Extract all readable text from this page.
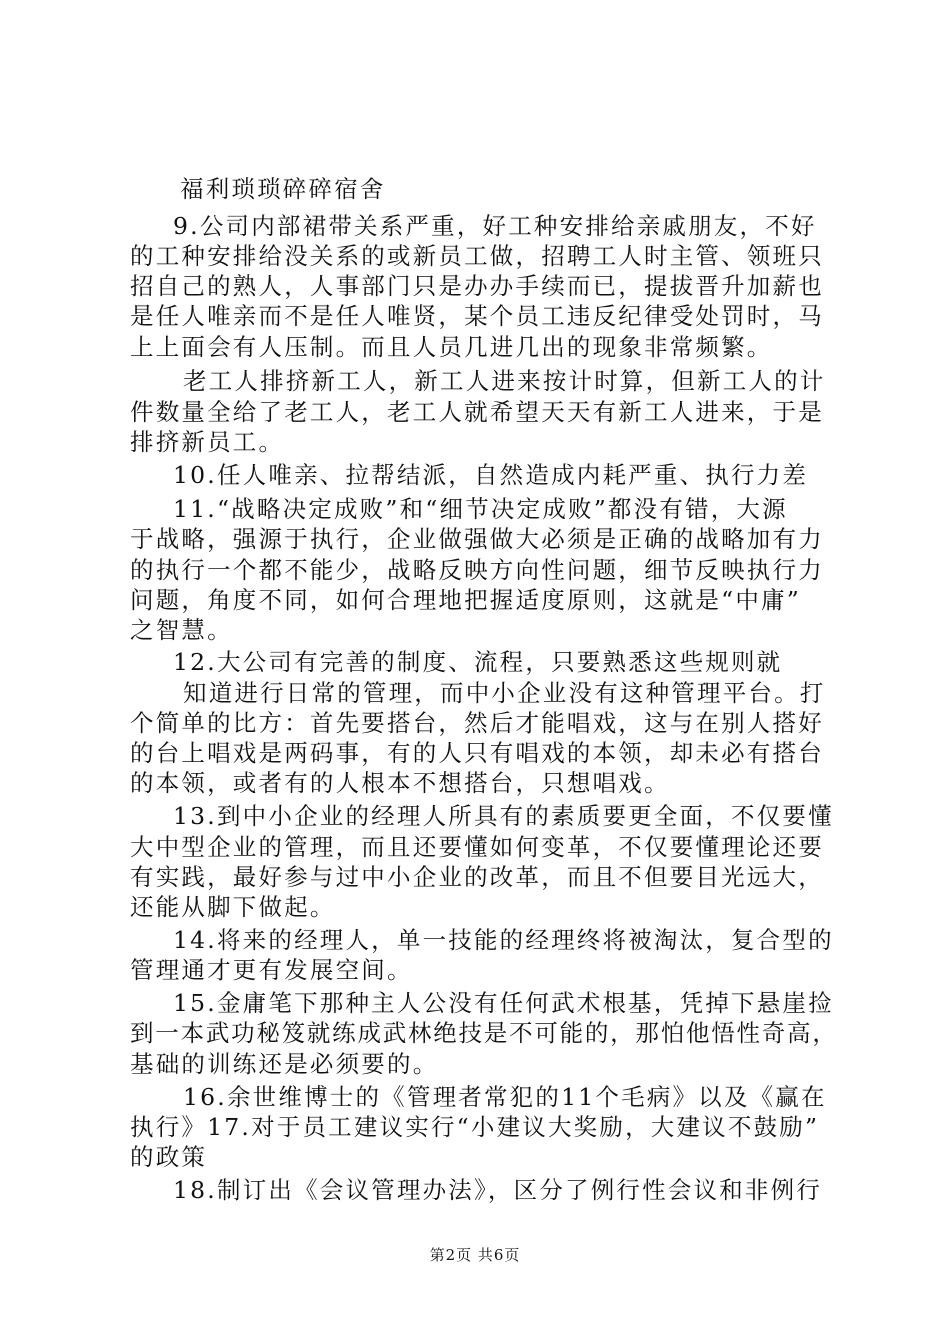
福利琐琐碎碎宿舍
9.公司内部裙带关系严重，好工种安排给亲戚朋友，不好
的工种安排给没关系的或新员工做，招聘工人时主管、领班只
招自己的熟人，人事部门只是办办手续而已，提拔晋升加薪也
是任人唯亲而不是任人唯贤，某个员工违反纪律受处罚时，马
上上面会有人压制。而且人员几进几出的现象非常频繁。
老工人排挤新工人，新工人进来按计时算，但新工人的计
件数量全给了老工人，老工人就希望天天有新工人进来，于是
排挤新员工。
10.任人唯亲、拉帮结派，自然造成内耗严重、执行力差
11.“战略决定成败”和“细节决定成败”都没有错，大源
于战略，强源于执行，企业做强做大必须是正确的战略加有力
的执行一个都不能少，战略反映方向性问题，细节反映执行力
问题，角度不同，如何合理地把握适度原则，这就是“中庸”
之智慧。
12.大公司有完善的制度、流程，只要熟悉这些规则就
知道进行日常的管理，而中小企业没有这种管理平台。打
个简单的比方：首先要搭台，然后才能唱戏，这与在别人搭好
的台上唱戏是两码事，有的人只有唱戏的本领，却未必有搭台
的本领，或者有的人根本不想搭台，只想唱戏。
13.到中小企业的经理人所具有的素质要更全面，不仅要懂
大中型企业的管理，而且还要懂如何变革，不仅要懂理论还要
有实践，最好参与过中小企业的改革，而且不但要目光远大，
还能从脚下做起。
14.将来的经理人，单一技能的经理终将被淘汰，复合型的
管理通才更有发展空间。
15.金庸笔下那种主人公没有任何武术根基，凭掉下悬崖捡
到一本武功秘笈就练成武林绝技是不可能的，那怕他悟性奇高，
基础的训练还是必须要的。
16.余世维博士的《管理者常犯的11个毛病》以及《赢在
执行》17.对于员工建议实行“小建议大奖励，大建议不鼓励”
的政策
18.制订出《会议管理办法》，区分了例行性会议和非例行
第2页 共6页
